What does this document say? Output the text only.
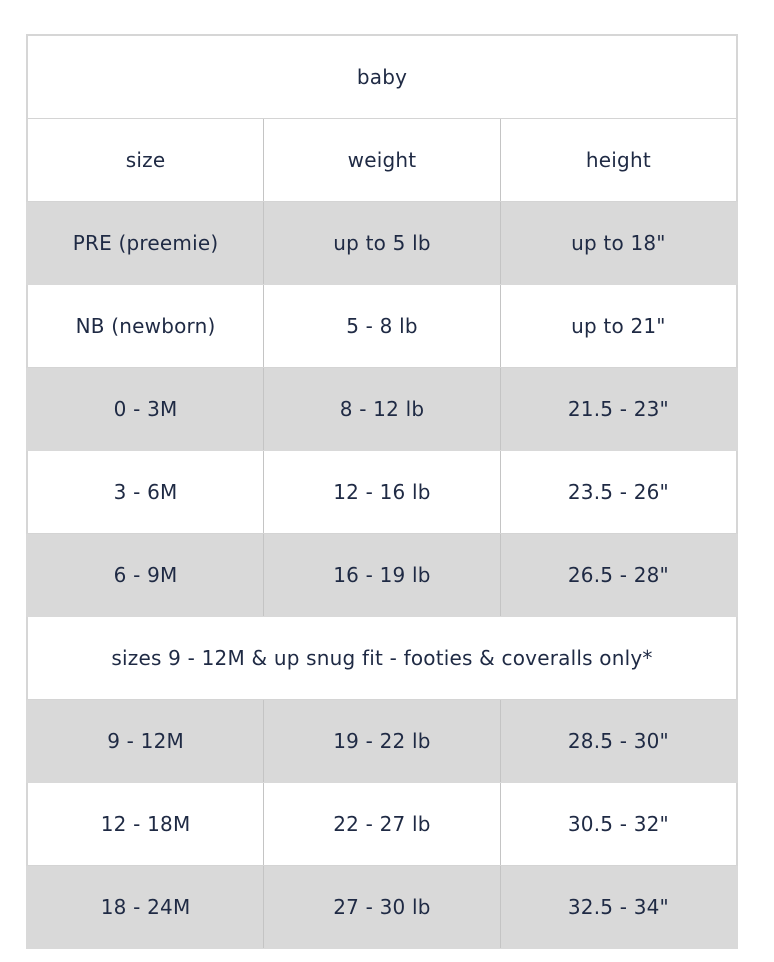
baby		
size	weight	height
PRE (preemie)	up to 5 lb	up to 18"
NB (newborn)	5 - 8 lb	up to 21"
0 - 3M	8 - 12 lb	21.5 - 23"
3 - 6M	12 - 16 lb	23.5 - 26"
6 - 9M	16 - 19 lb	26.5 - 28"
sizes 9 - 12M & up snug fit - footies & coveralls only*		
9 - 12M	19 - 22 lb	28.5 - 30"
12 - 18M	22 - 27 lb	30.5 - 32"
18 - 24M	27 - 30 lb	32.5 - 34"
